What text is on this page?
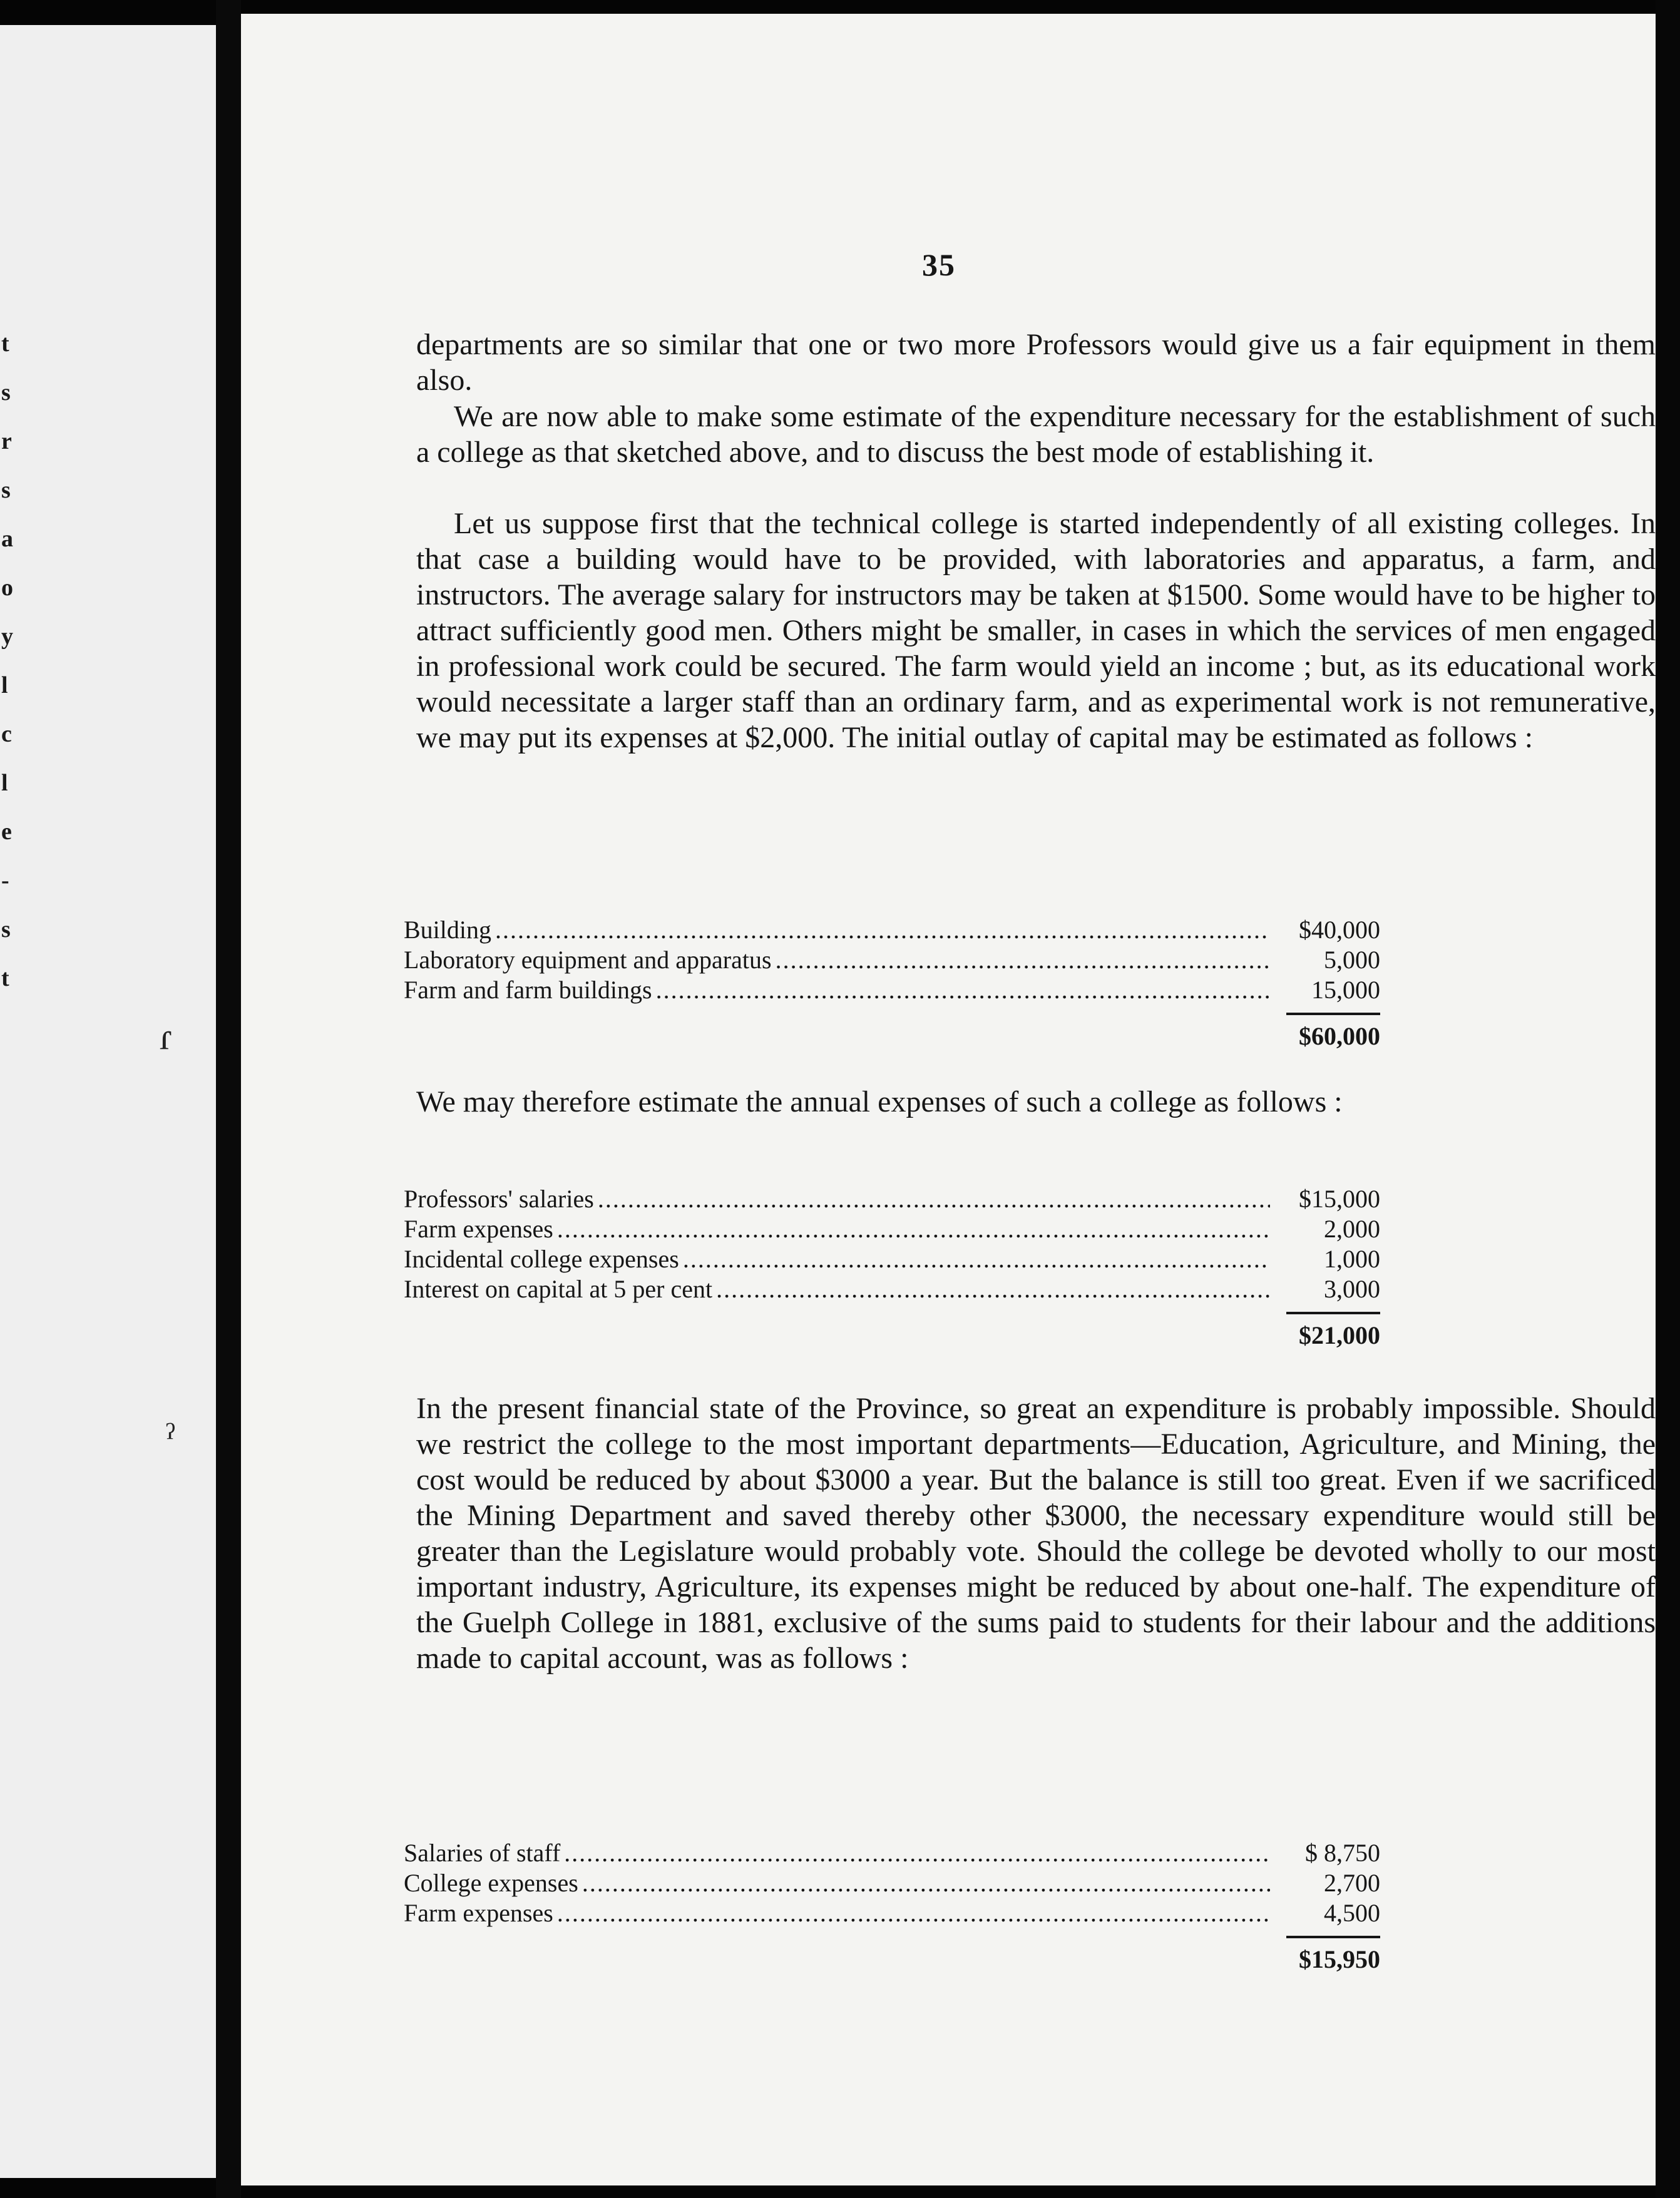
t
s
r
s
a
o
y
l
c
l
e
-
s
t
ɾ
ˀ
35

departments are so similar that one or two more Professors would give us a fair equipment in them also.

We are now able to make some estimate of the expenditure necessary for the establishment of such a college as that sketched above, and to discuss the best mode of establishing it.

Let us suppose first that the technical college is started independently of all existing colleges. In that case a building would have to be provided, with laboratories and apparatus, a farm, and instructors. The average salary for instructors may be taken at $1500. Some would have to be higher to attract sufficiently good men. Others might be smaller, in cases in which the services of men engaged in professional work could be secured. The farm would yield an income ; but, as its educational work would necessitate a larger staff than an ordinary farm, and as experimental work is not remunerative, we may put its expenses at $2,000. The initial outlay of capital may be estimated as follows :

Building .....	$40,000
Laboratory equipment and apparatus .....	5,000
Farm and farm buildings .....	15,000
$60,000

We may therefore estimate the annual expenses of such a college as follows :

Professors' salaries .....	$15,000
Farm expenses .....	2,000
Incidental college expenses .....	1,000
Interest on capital at 5 per cent .....	3,000
$21,000

In the present financial state of the Province, so great an expenditure is probably impossible. Should we restrict the college to the most important departments—Education, Agriculture, and Mining, the cost would be reduced by about $3000 a year. But the balance is still too great. Even if we sacrificed the Mining Department and saved thereby other $3000, the necessary expenditure would still be greater than the Legislature would probably vote. Should the college be devoted wholly to our most important industry, Agriculture, its expenses might be reduced by about one-half. The expenditure of the Guelph College in 1881, exclusive of the sums paid to students for their labour and the additions made to capital account, was as follows :

Salaries of staff .....	$ 8,750
College expenses .....	2,700
Farm expenses .....	4,500
$15,950
